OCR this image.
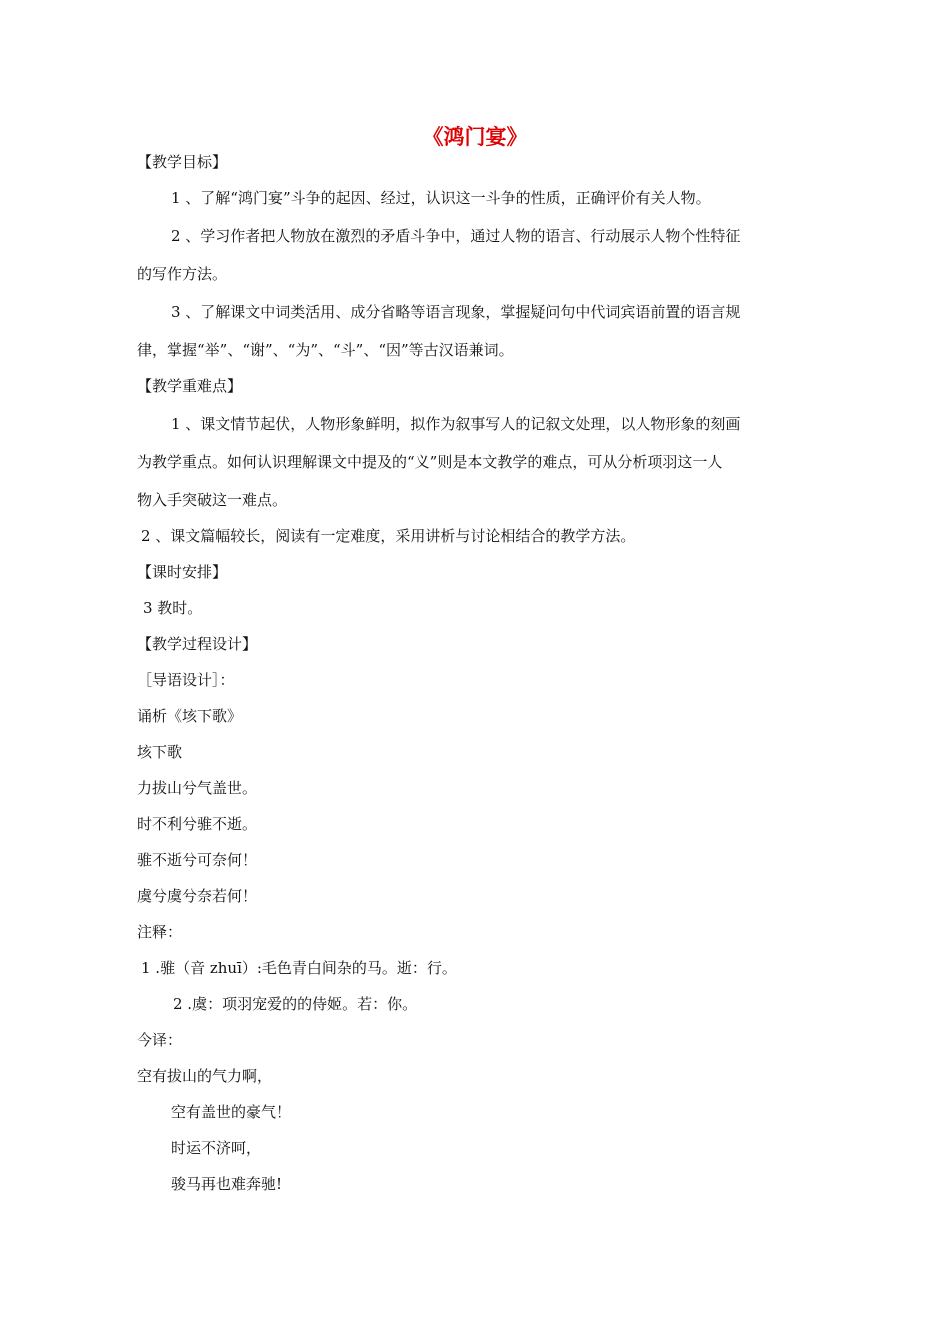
《鸿门宴》
【教学目标】
1 、了解“鸿门宴”斗争的起因、经过，认识这一斗争的性质，正确评价有关人物。
2 、学习作者把人物放在激烈的矛盾斗争中，通过人物的语言、行动展示人物个性特征
的写作方法。
3 、了解课文中词类活用、成分省略等语言现象，掌握疑问句中代词宾语前置的语言规
律，掌握“举”、“谢”、“为”、“斗”、“因”等古汉语兼词。
【教学重难点】
1 、课文情节起伏，人物形象鲜明，拟作为叙事写人的记叙文处理，以人物形象的刻画
为教学重点。如何认识理解课文中提及的“义”则是本文教学的难点，可从分析项羽这一人
物入手突破这一难点。
2 、课文篇幅较长，阅读有一定难度，采用讲析与讨论相结合的教学方法。
【课时安排】
3 教时。
【教学过程设计】
［导语设计］：
诵析《垓下歌》
垓下歌
力拔山兮气盖世。
时不利兮骓不逝。
骓不逝兮可奈何！
虞兮虞兮奈若何！
注释：
1 .骓（音 zhuī）:毛色青白间杂的马。逝：行。
2 .虞：项羽宠爱的的侍姬。若：你。
今译：
空有拔山的气力啊，
空有盖世的豪气！
时运不济呵，
骏马再也难奔驰!
